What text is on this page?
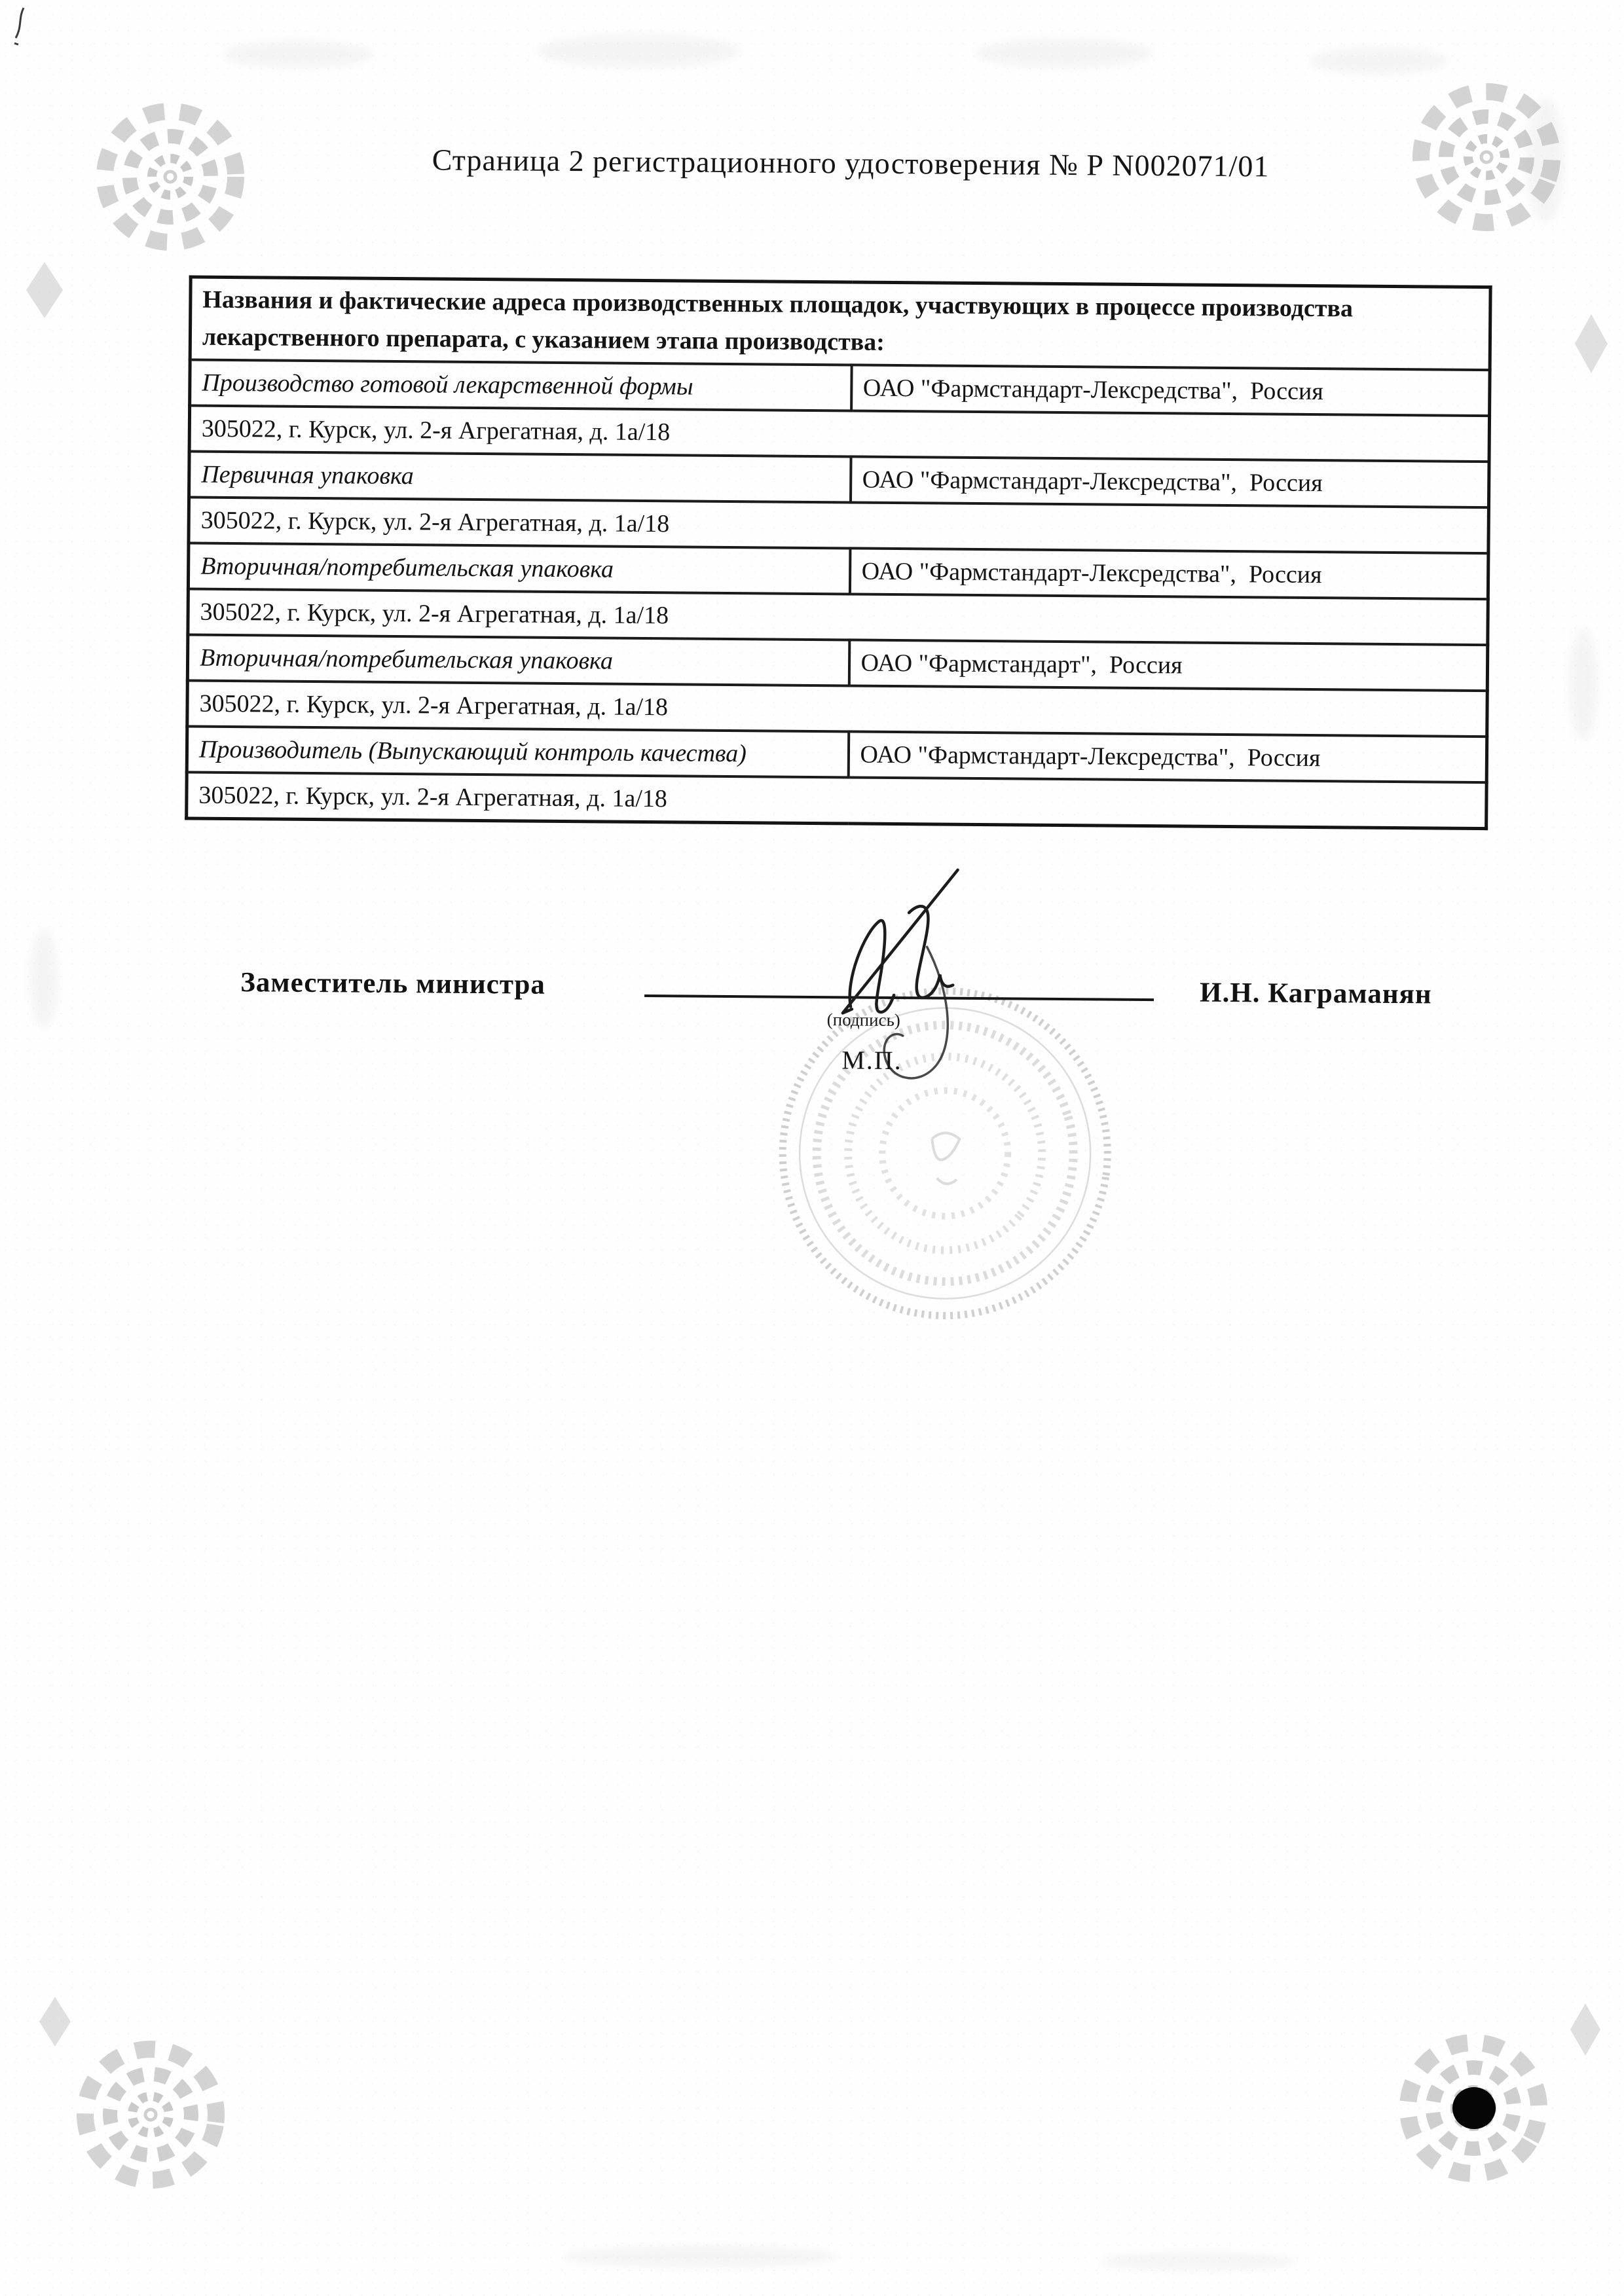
Страница 2 регистрационного удостоверения № Р N002071/01
Названия и фактические адреса производственных площадок, участвующих в процессе производства лекарственного препарата, с указанием этапа производства:	
Производство готовой лекарственной формы	ОАО "Фармстандарт-Лексредства",  Россия
305022, г. Курск, ул. 2-я Агрегатная, д. 1а/18	
Первичная упаковка	ОАО "Фармстандарт-Лексредства",  Россия
305022, г. Курск, ул. 2-я Агрегатная, д. 1а/18	
Вторичная/потребительская упаковка	ОАО "Фармстандарт-Лексредства",  Россия
305022, г. Курск, ул. 2-я Агрегатная, д. 1а/18	
Вторичная/потребительская упаковка	ОАО "Фармстандарт",  Россия
305022, г. Курск, ул. 2-я Агрегатная, д. 1а/18	
Производитель (Выпускающий контроль качества)	ОАО "Фармстандарт-Лексредства",  Россия
305022, г. Курск, ул. 2-я Агрегатная, д. 1а/18	
Заместитель министра
(подпись)
М.П.
И.Н. Каграманян
